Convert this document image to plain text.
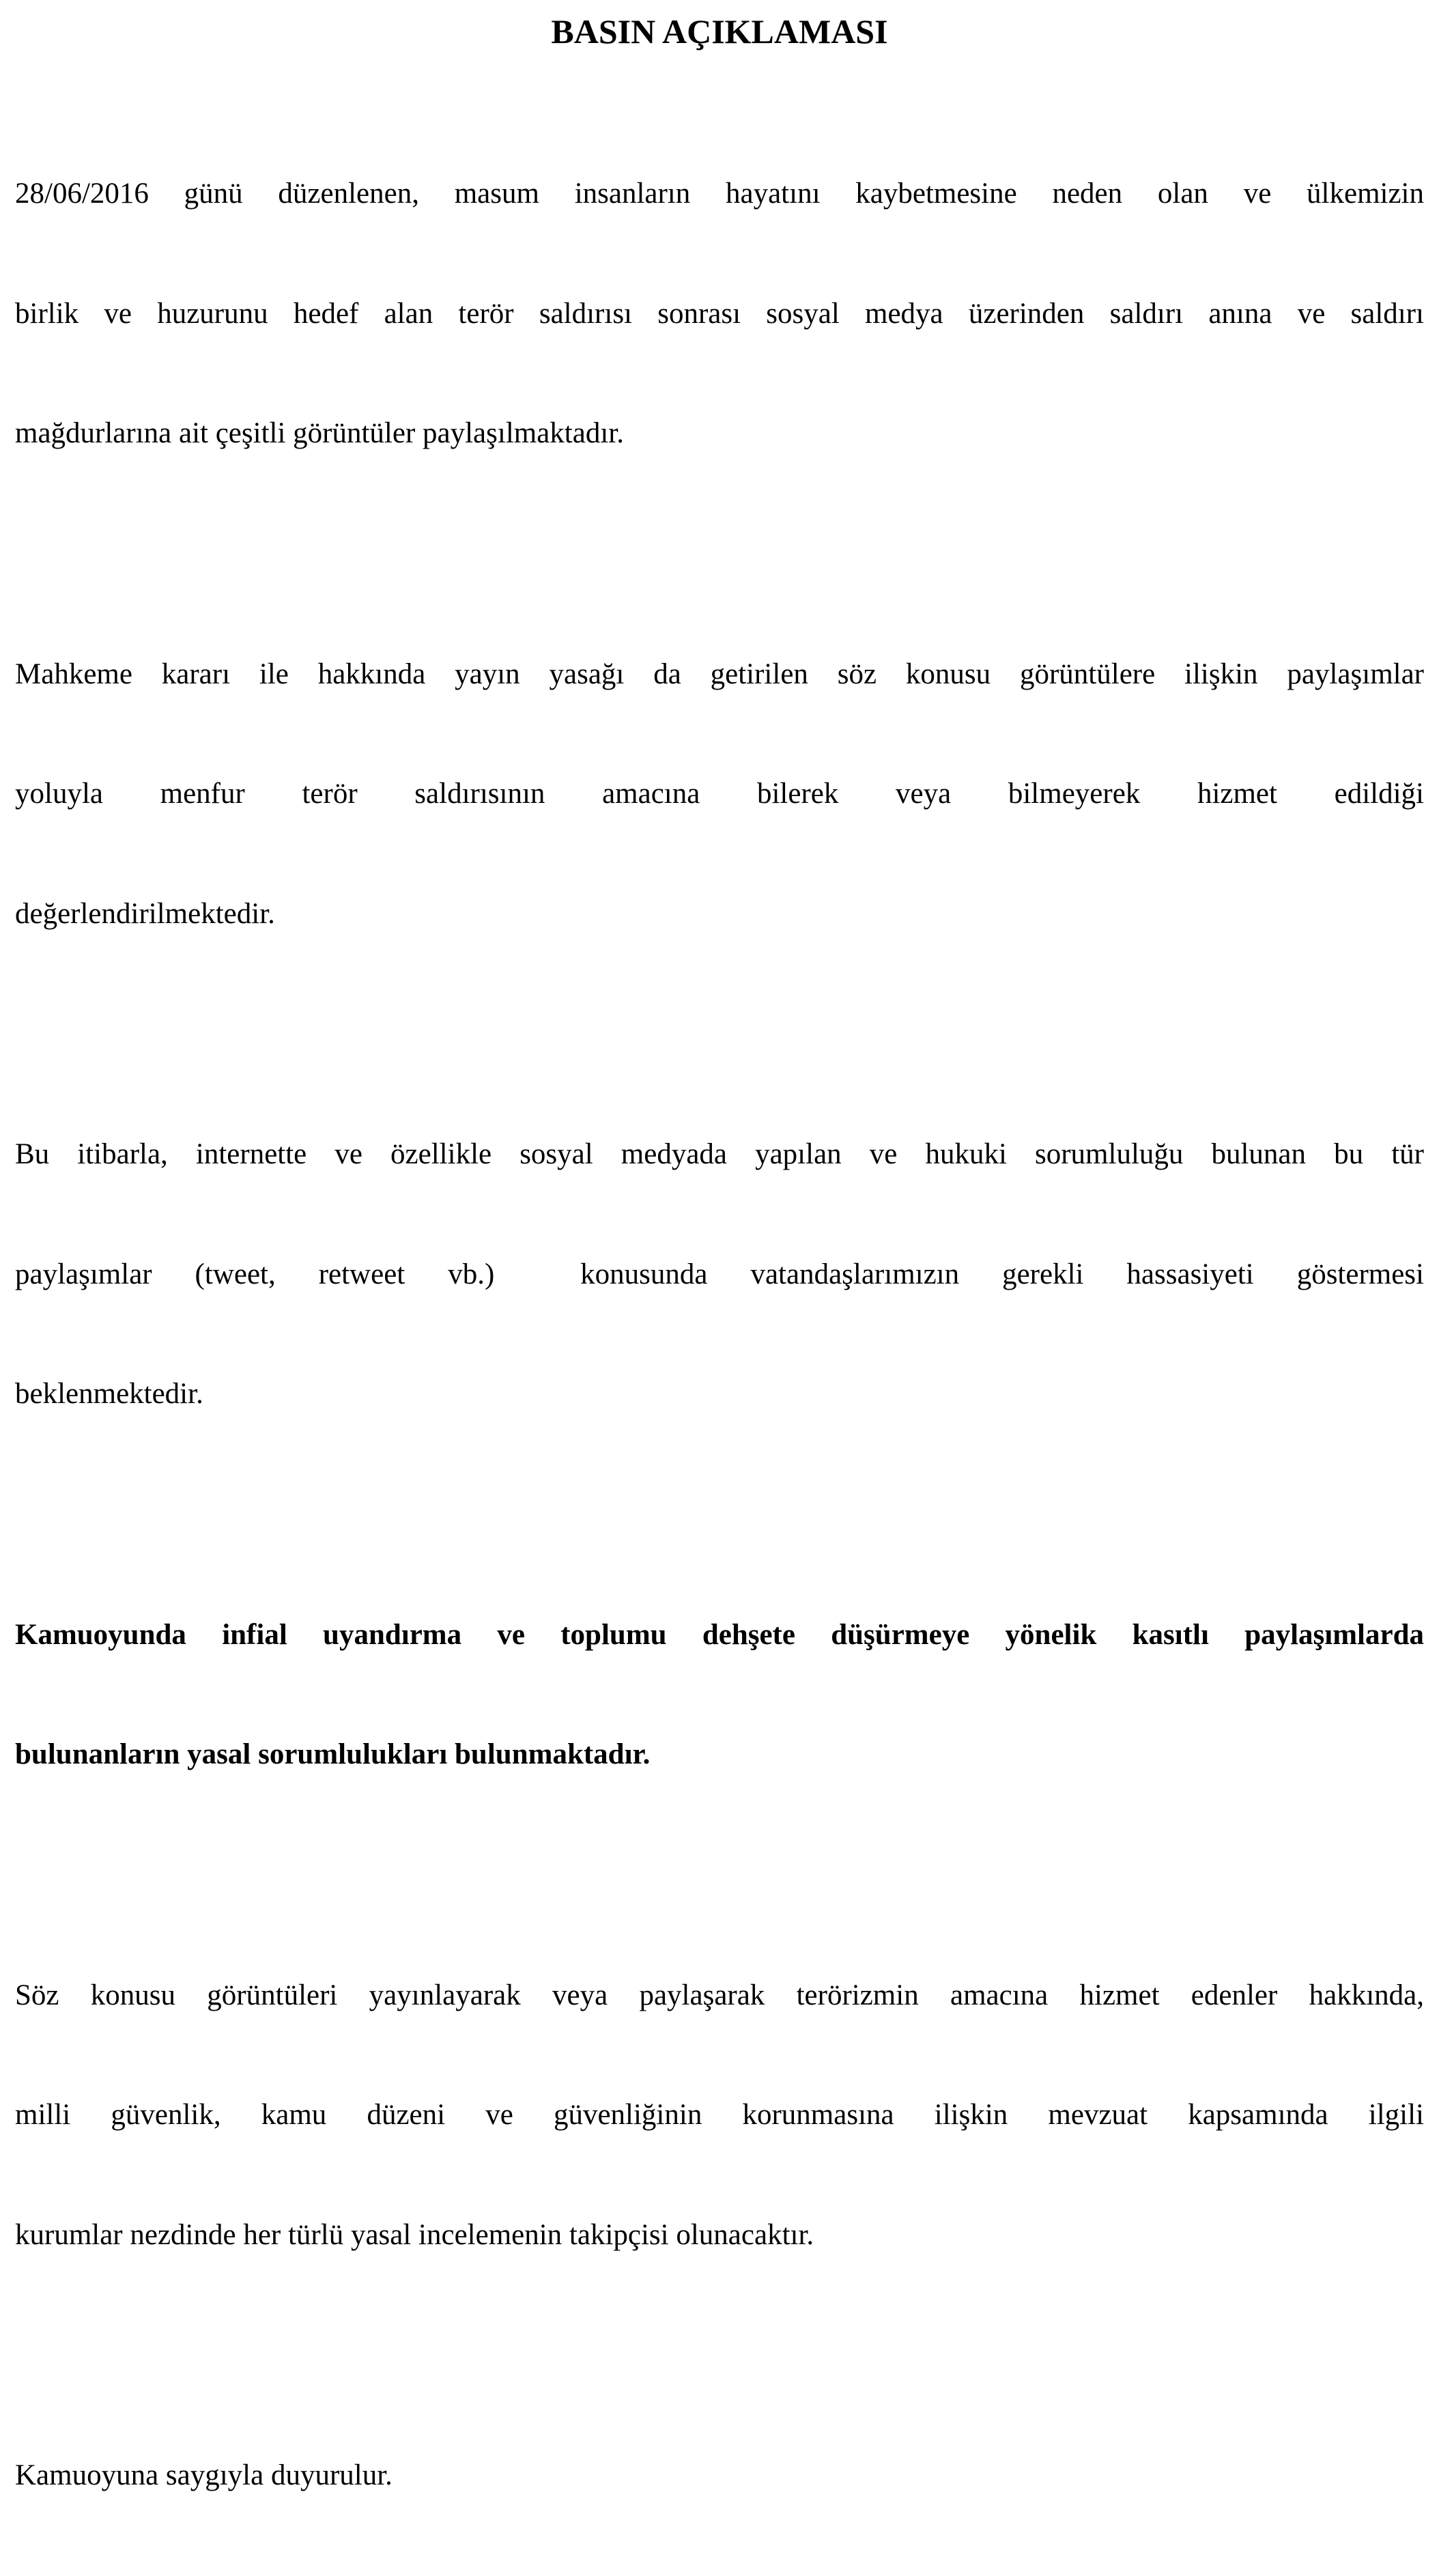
BASIN AÇIKLAMASI

28/06/2016 günü düzenlenen, masum insanların hayatını kaybetmesine neden olan ve ülkemizin

birlik ve huzurunu hedef alan terör saldırısı sonrası sosyal medya üzerinden saldırı anına ve saldırı

mağdurlarına ait çeşitli görüntüler paylaşılmaktadır.

Mahkeme kararı ile hakkında yayın yasağı da getirilen söz konusu görüntülere ilişkin paylaşımlar

yoluyla menfur terör saldırısının amacına bilerek veya bilmeyerek hizmet edildiği

değerlendirilmektedir.

Bu itibarla, internette ve özellikle sosyal medyada yapılan ve hukuki sorumluluğu bulunan bu tür

paylaşımlar (tweet, retweet vb.)  konusunda vatandaşlarımızın gerekli hassasiyeti göstermesi

beklenmektedir.

Kamuoyunda infial uyandırma ve toplumu dehşete düşürmeye yönelik kasıtlı paylaşımlarda

bulunanların yasal sorumlulukları bulunmaktadır.

Söz konusu görüntüleri yayınlayarak veya paylaşarak terörizmin amacına hizmet edenler hakkında,

milli güvenlik, kamu düzeni ve güvenliğinin korunmasına ilişkin mevzuat kapsamında ilgili

kurumlar nezdinde her türlü yasal incelemenin takipçisi olunacaktır.

Kamuoyuna saygıyla duyurulur.
